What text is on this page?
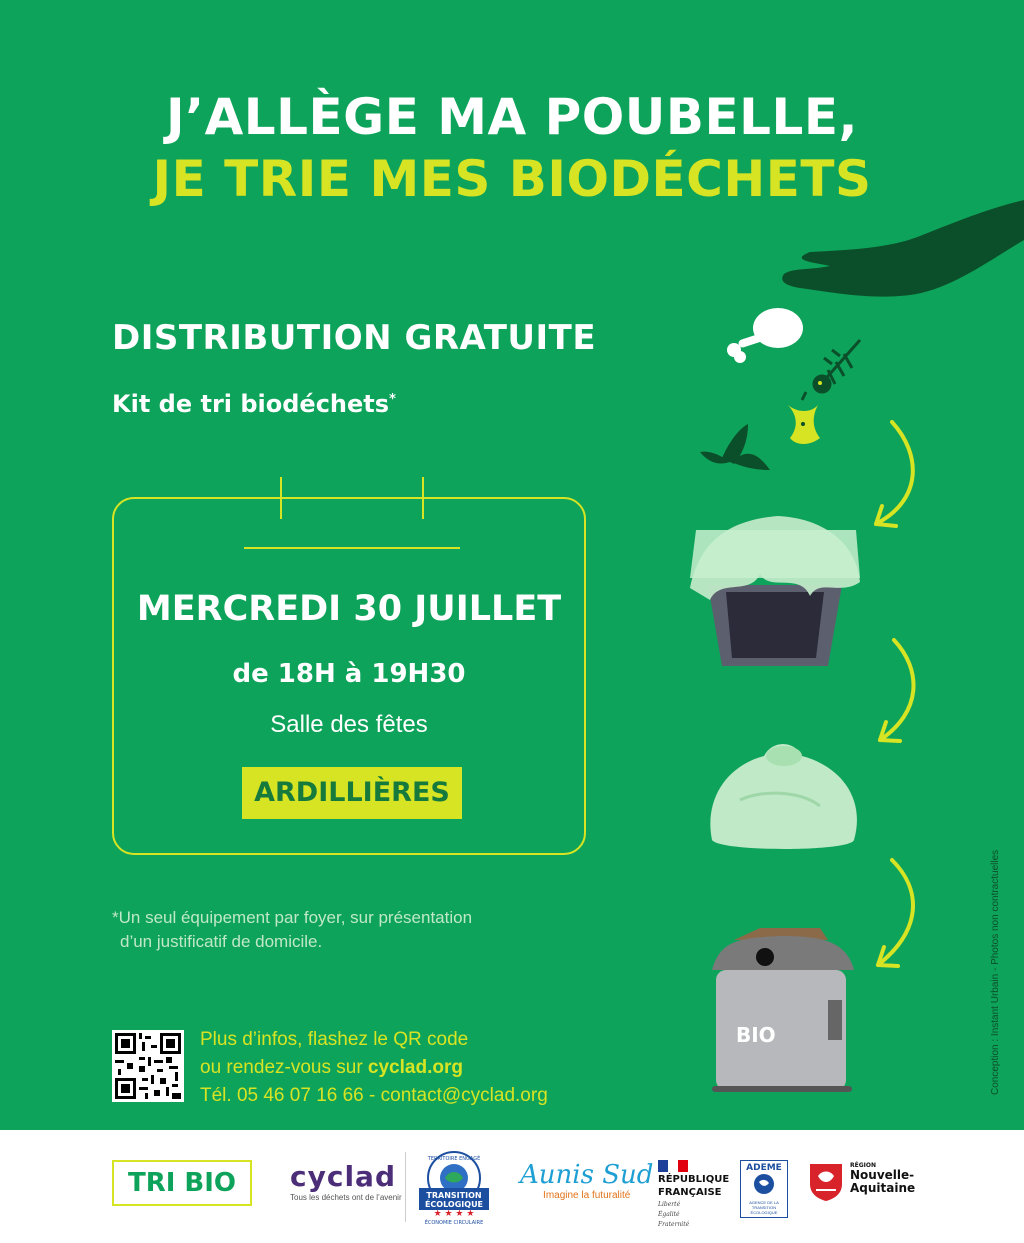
J’ALLÈGE MA POUBELLE,
JE TRIE MES BIODÉCHETS
DISTRIBUTION GRATUITE
Kit de tri biodéchets*
MERCREDI 30 JUILLET
de 18H à 19H30
Salle des fêtes
ARDILLIÈRES
*Un seul équipement par foyer, sur présentation
d’un justificatif de domicile.
Plus d’infos, flashez le QR code
ou rendez-vous sur cyclad.org
Tél. 05 46 07 16 66 - contact@cyclad.org
Conception : Instant Urbain - Photos non contractuelles
BIO
TRI BIO	cyclad
Tous les déchets ont de l’avenir
TERRITOIRE ENGAGÉ
TRANSITION
ÉCOLOGIQUE
★ ★ ★ ★
ÉCONOMIE CIRCULAIRE
Aunis Sud
Imagine la futuralité
RÉPUBLIQUE
FRANÇAISE
Liberté
Égalité
Fraternité
ADEME
AGENCE DE LA TRANSITION ÉCOLOGIQUE
RÉGION
Nouvelle-
Aquitaine
